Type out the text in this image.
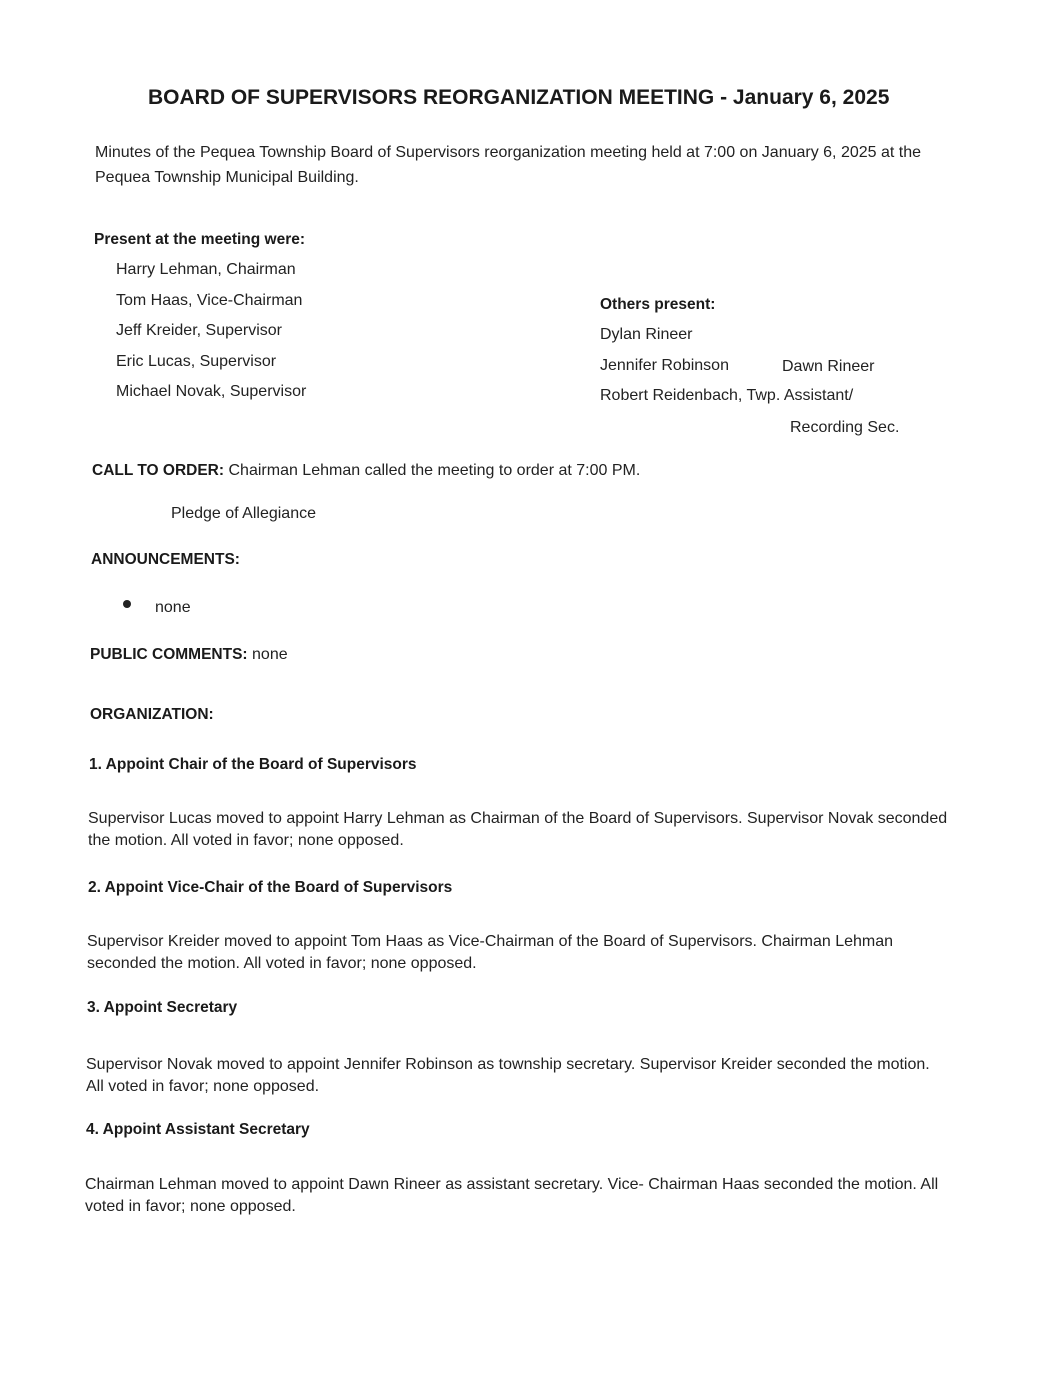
BOARD OF SUPERVISORS REORGANIZATION MEETING - January 6, 2025
Minutes of the Pequea Township Board of Supervisors reorganization meeting held at 7:00 on January 6, 2025 at the Pequea Township Municipal Building.
Present at the meeting were:
Harry Lehman, Chairman
Tom Haas, Vice-Chairman
Jeff Kreider, Supervisor
Eric Lucas, Supervisor
Michael Novak, Supervisor
Others present:
Dylan Rineer
Jennifer Robinson	Dawn Rineer
Robert Reidenbach, Twp. Assistant/
Recording Sec.
CALL TO ORDER: Chairman Lehman called the meeting to order at 7:00 PM.
Pledge of Allegiance
ANNOUNCEMENTS:
none
PUBLIC COMMENTS: none
ORGANIZATION:
1. Appoint Chair of the Board of Supervisors
Supervisor Lucas moved to appoint Harry Lehman as Chairman of the Board of Supervisors. Supervisor Novak seconded the motion. All voted in favor; none opposed.
2. Appoint Vice-Chair of the Board of Supervisors
Supervisor Kreider moved to appoint Tom Haas as Vice-Chairman of the Board of Supervisors. Chairman Lehman seconded the motion. All voted in favor; none opposed.
3. Appoint Secretary
Supervisor Novak moved to appoint Jennifer Robinson as township secretary. Supervisor Kreider seconded the motion. All voted in favor; none opposed.
4. Appoint Assistant Secretary
Chairman Lehman moved to appoint Dawn Rineer as assistant secretary. Vice- Chairman Haas seconded the motion. All voted in favor; none opposed.
